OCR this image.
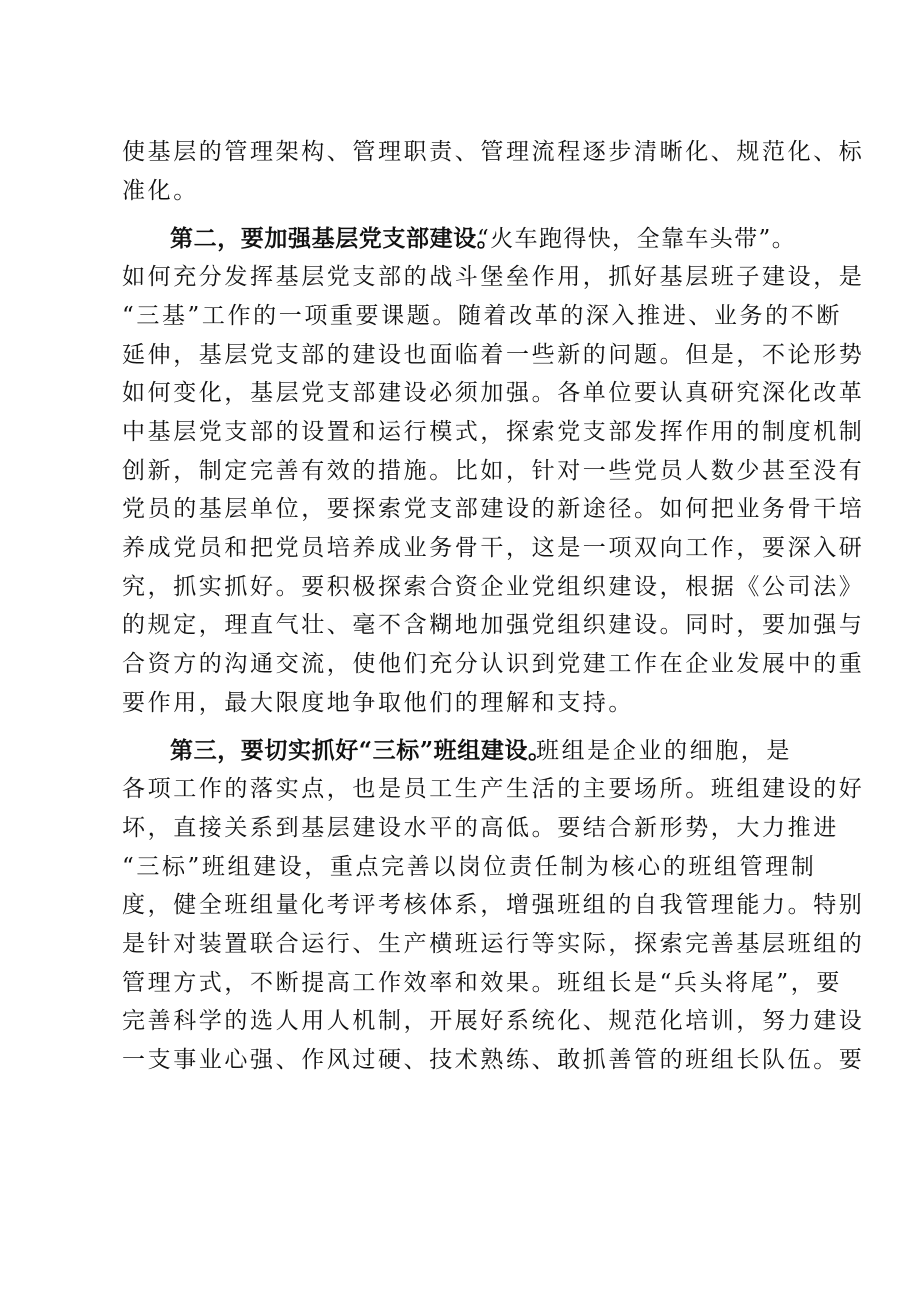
使基层的管理架构、管理职责、管理流程逐步清晰化、规范化、标
准化。
第二，要加强基层党支部建设。
“火车跑得快，全靠车头带”。
如何充分发挥基层党支部的战斗堡垒作用，抓好基层班子建设，是
“三基”工作的一项重要课题。随着改革的深入推进、业务的不断
延伸，基层党支部的建设也面临着一些新的问题。但是，不论形势
如何变化，基层党支部建设必须加强。各单位要认真研究深化改革
中基层党支部的设置和运行模式，探索党支部发挥作用的制度机制
创新，制定完善有效的措施。比如，针对一些党员人数少甚至没有
党员的基层单位，要探索党支部建设的新途径。如何把业务骨干培
养成党员和把党员培养成业务骨干，这是一项双向工作，要深入研
究，抓实抓好。要积极探索合资企业党组织建设，根据《公司法》
的规定，理直气壮、毫不含糊地加强党组织建设。同时，要加强与
合资方的沟通交流，使他们充分认识到党建工作在企业发展中的重
要作用，最大限度地争取他们的理解和支持。
第三，要切实抓好“三标”班组建设。
班组是企业的细胞，是
各项工作的落实点，也是员工生产生活的主要场所。班组建设的好
坏，直接关系到基层建设水平的高低。要结合新形势，大力推进
“三标”班组建设，重点完善以岗位责任制为核心的班组管理制
度，健全班组量化考评考核体系，增强班组的自我管理能力。特别
是针对装置联合运行、生产横班运行等实际，探索完善基层班组的
管理方式，不断提高工作效率和效果。班组长是“兵头将尾”，要
完善科学的选人用人机制，开展好系统化、规范化培训，努力建设
一支事业心强、作风过硬、技术熟练、敢抓善管的班组长队伍。要
